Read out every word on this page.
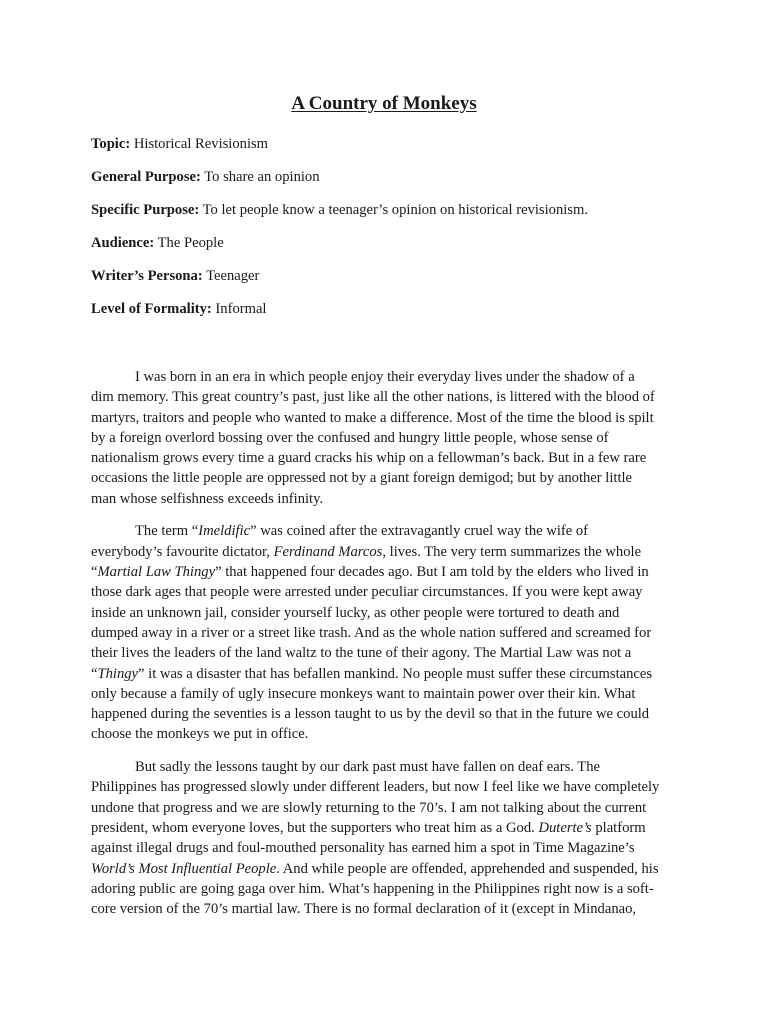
A Country of Monkeys

Topic: Historical Revisionism

General Purpose: To share an opinion

Specific Purpose: To let people know a teenager’s opinion on historical revisionism.

Audience: The People

Writer’s Persona: Teenager

Level of Formality: Informal

I was born in an era in which people enjoy their everyday lives under the shadow of a
dim memory. This great country’s past, just like all the other nations, is littered with the blood of
martyrs, traitors and people who wanted to make a difference. Most of the time the blood is spilt
by a foreign overlord bossing over the confused and hungry little people, whose sense of
nationalism grows every time a guard cracks his whip on a fellowman’s back. But in a few rare
occasions the little people are oppressed not by a giant foreign demigod; but by another little
man whose selfishness exceeds infinity.

The term “Imeldific” was coined after the extravagantly cruel way the wife of
everybody’s favourite dictator, Ferdinand Marcos, lives. The very term summarizes the whole
“Martial Law Thingy” that happened four decades ago. But I am told by the elders who lived in
those dark ages that people were arrested under peculiar circumstances. If you were kept away
inside an unknown jail, consider yourself lucky, as other people were tortured to death and
dumped away in a river or a street like trash. And as the whole nation suffered and screamed for
their lives the leaders of the land waltz to the tune of their agony. The Martial Law was not a
“Thingy” it was a disaster that has befallen mankind. No people must suffer these circumstances
only because a family of ugly insecure monkeys want to maintain power over their kin. What
happened during the seventies is a lesson taught to us by the devil so that in the future we could
choose the monkeys we put in office.

But sadly the lessons taught by our dark past must have fallen on deaf ears. The
Philippines has progressed slowly under different leaders, but now I feel like we have completely
undone that progress and we are slowly returning to the 70’s. I am not talking about the current
president, whom everyone loves, but the supporters who treat him as a God. Duterte’s platform
against illegal drugs and foul-mouthed personality has earned him a spot in Time Magazine’s
World’s Most Influential People. And while people are offended, apprehended and suspended, his
adoring public are going gaga over him. What’s happening in the Philippines right now is a soft-
core version of the 70’s martial law. There is no formal declaration of it (except in Mindanao,
